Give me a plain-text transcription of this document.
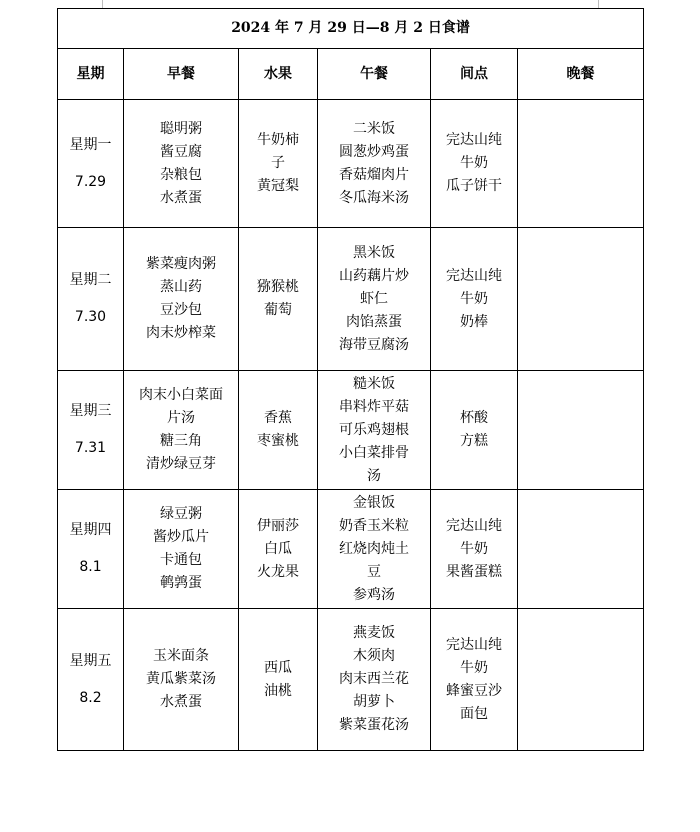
2024 年 7 月 29 日—8 月 2 日食谱					
星期	早餐	水果	午餐	间点	晚餐

星期一
7.29	聪明粥
酱豆腐
杂粮包
水煮蛋	牛奶柿
子
黄冠梨	二米饭
圆葱炒鸡蛋
香菇熘肉片
冬瓜海米汤	完达山纯
牛奶
瓜子饼干	

星期二
7.30	紫菜瘦肉粥
蒸山药
豆沙包
肉末炒榨菜	猕猴桃
葡萄	黑米饭
山药藕片炒
虾仁
肉馅蒸蛋
海带豆腐汤	完达山纯
牛奶
奶棒	

星期三
7.31	肉末小白菜面
片汤
糖三角
清炒绿豆芽	香蕉
枣蜜桃	糙米饭
串料炸平菇
可乐鸡翅根
小白菜排骨
汤	杯酸
方糕	

星期四
8.1	绿豆粥
酱炒瓜片
卡通包
鹌鹑蛋	伊丽莎
白瓜
火龙果	金银饭
奶香玉米粒
红烧肉炖土
豆
参鸡汤	完达山纯
牛奶
果酱蛋糕	

星期五
8.2	玉米面条
黄瓜紫菜汤
水煮蛋	西瓜
油桃	燕麦饭
木须肉
肉末西兰花
胡萝卜
紫菜蛋花汤	完达山纯
牛奶
蜂蜜豆沙
面包	
